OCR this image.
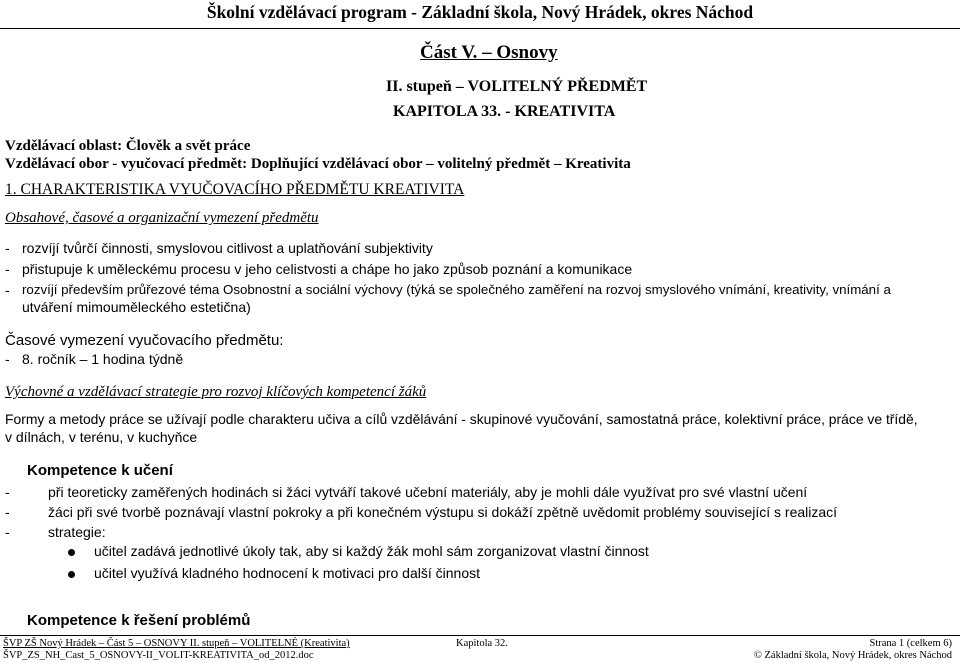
Školní vzdělávací program - Základní škola, Nový Hrádek, okres Náchod
Část V. – Osnovy
II. stupeň – VOLITELNÝ PŘEDMĚT
KAPITOLA 33. - KREATIVITA
Vzdělávací oblast: Člověk a svět práce
Vzdělávací obor - vyučovací předmět: Doplňující vzdělávací obor – volitelný předmět – Kreativita
1. CHARAKTERISTIKA VYUČOVACÍHO PŘEDMĚTU KREATIVITA
Obsahové, časové a organizační vymezení předmětu
- rozvíjí tvůrčí činnosti, smyslovou citlivost a uplatňování subjektivity
- přistupuje k uměleckému procesu v jeho celistvosti a chápe ho jako způsob poznání a komunikace
- rozvíjí především průřezové téma Osobnostní a sociální výchovy (týká se společného zaměření na rozvoj smyslového vnímání, kreativity, vnímání a
utváření mimouměleckého estetična)
Časové vymezení vyučovacího předmětu:
- 8. ročník – 1 hodina týdně
Výchovné a vzdělávací strategie pro rozvoj klíčových kompetencí žáků
Formy a metody práce se užívají podle charakteru učiva a cílů vzdělávání - skupinové vyučování, samostatná práce, kolektivní práce, práce ve třídě,
v dílnách, v terénu, v kuchyňce
Kompetence k učení
-	při teoreticky zaměřených hodinách si žáci vytváří takové učební materiály, aby je mohli dále využívat pro své vlastní učení
-	žáci při své tvorbě poznávají vlastní pokroky a při konečném výstupu si dokáží zpětně uvědomit problémy související s realizací
-	strategie:
učitel zadává jednotlivé úkoly tak, aby si každý žák mohl sám zorganizovat vlastní činnost
učitel využívá kladného hodnocení k motivaci pro další činnost
Kompetence k řešení problémů
ŠVP ZŠ Nový Hrádek – Část 5 – OSNOVY II. stupeň – VOLITELNÉ (Kreativita)	Kapitola 32.	Strana 1 (celkem 6)
ŠVP_ZS_NH_Cast_5_OSNOVY-II_VOLIT-KREATIVITA_od_2012.doc	© Základní škola, Nový Hrádek, okres Náchod
